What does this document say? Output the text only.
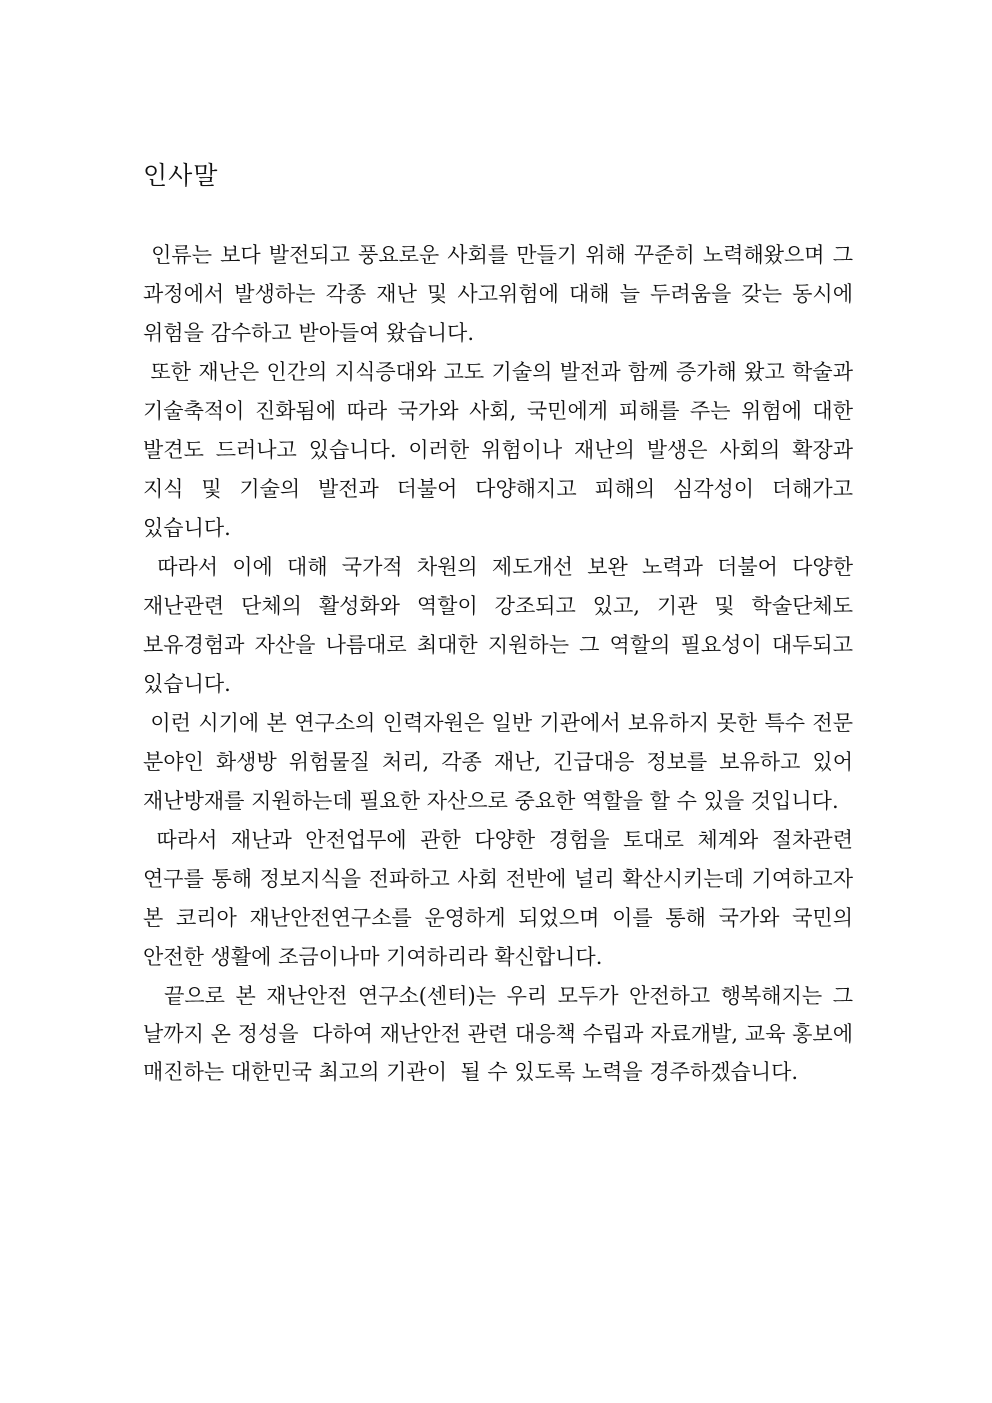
인사말

인류는 보다 발전되고 풍요로운 사회를 만들기 위해 꾸준히 노력해왔으며 그 과정에서 발생하는 각종 재난 및 사고위험에 대해 늘 두려움을 갖는 동시에 위험을 감수하고 받아들여 왔습니다.

또한 재난은 인간의 지식증대와 고도 기술의 발전과 함께 증가해 왔고 학술과 기술축적이 진화됨에 따라 국가와 사회, 국민에게 피해를 주는 위험에 대한 발견도 드러나고 있습니다. 이러한 위험이나 재난의 발생은 사회의 확장과 지식 및 기술의 발전과 더불어 다양해지고 피해의 심각성이 더해가고 있습니다.

따라서 이에 대해 국가적 차원의 제도개선 보완 노력과 더불어 다양한 재난관련 단체의 활성화와 역할이 강조되고 있고, 기관 및 학술단체도 보유경험과 자산을 나름대로 최대한 지원하는 그 역할의 필요성이 대두되고 있습니다.

이런 시기에 본 연구소의 인력자원은 일반 기관에서 보유하지 못한 특수 전문 분야인 화생방 위험물질 처리, 각종 재난, 긴급대응 정보를 보유하고 있어 재난방재를 지원하는데 필요한 자산으로 중요한 역할을 할 수 있을 것입니다.

따라서 재난과 안전업무에 관한 다양한 경험을 토대로 체계와 절차관련 연구를 통해 정보지식을 전파하고 사회 전반에 널리 확산시키는데 기여하고자 본 코리아 재난안전연구소를 운영하게 되었으며 이를 통해 국가와 국민의 안전한 생활에 조금이나마 기여하리라 확신합니다.

끝으로 본 재난안전 연구소(센터)는 우리 모두가 안전하고 행복해지는 그 날까지 온 정성을  다하여 재난안전 관련 대응책 수립과 자료개발, 교육 홍보에 매진하는 대한민국 최고의 기관이  될 수 있도록 노력을 경주하겠습니다.
